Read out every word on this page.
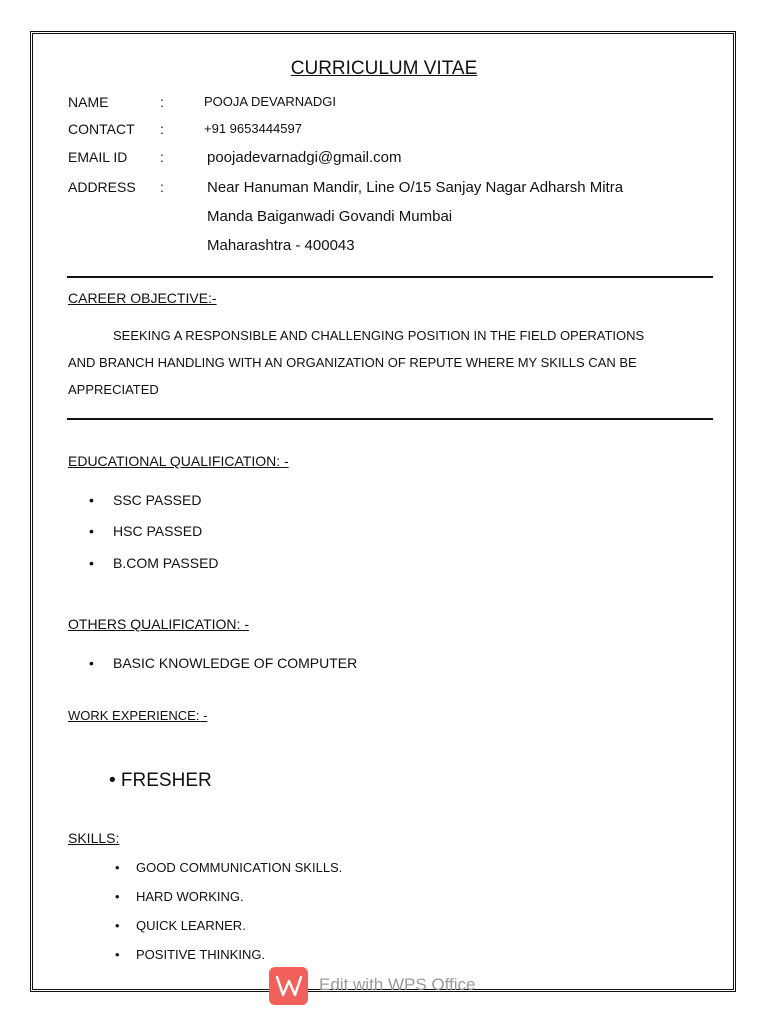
CURRICULUM VITAE
NAME	:	POOJA DEVARNADGI
CONTACT :	+91 9653444597
EMAIL ID :	poojadevarnadgi@gmail.com
ADDRESS :	Near Hanuman Mandir, Line O/15 Sanjay Nagar Adharsh Mitra
Manda Baiganwadi Govandi Mumbai
Maharashtra - 400043
CAREER OBJECTIVE:-
SEEKING A RESPONSIBLE AND CHALLENGING POSITION IN THE FIELD OPERATIONS
AND BRANCH HANDLING WITH AN ORGANIZATION OF REPUTE WHERE MY SKILLS CAN BE
APPRECIATED
EDUCATIONAL QUALIFICATION: -
• SSC PASSED
• HSC PASSED
• B.COM PASSED
OTHERS QUALIFICATION: -
• BASIC KNOWLEDGE OF COMPUTER
WORK EXPERIENCE: -
• FRESHER
SKILLS:
• GOOD COMMUNICATION SKILLS.
• HARD WORKING.
• QUICK LEARNER.
• POSITIVE THINKING.
Edit with WPS Office
